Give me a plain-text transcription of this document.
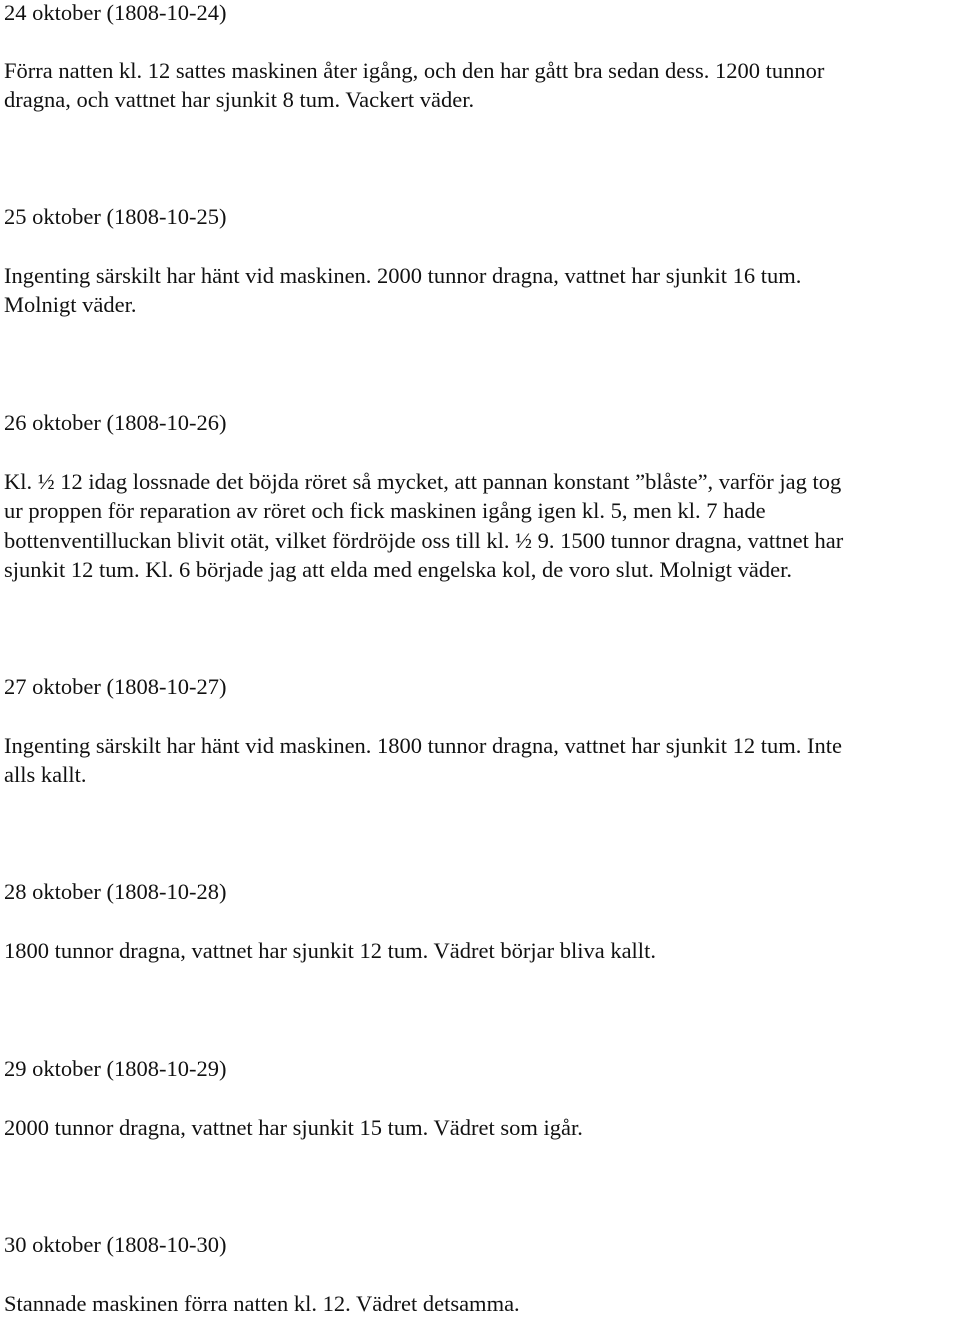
24 oktober (1808-10-24)

Förra natten kl. 12 sattes maskinen åter igång, och den har gått bra sedan dess. 1200 tunnor
dragna, och vattnet har sjunkit 8 tum. Vackert väder.

25 oktober (1808-10-25)

Ingenting särskilt har hänt vid maskinen. 2000 tunnor dragna, vattnet har sjunkit 16 tum.
Molnigt väder.

26 oktober (1808-10-26)

Kl. ½ 12 idag lossnade det böjda röret så mycket, att pannan konstant ”blåste”, varför jag tog
ur proppen för reparation av röret och fick maskinen igång igen kl. 5, men kl. 7 hade
bottenventilluckan blivit otät, vilket fördröjde oss till kl. ½ 9. 1500 tunnor dragna, vattnet har
sjunkit 12 tum. Kl. 6 började jag att elda med engelska kol, de voro slut. Molnigt väder.

27 oktober (1808-10-27)

Ingenting särskilt har hänt vid maskinen. 1800 tunnor dragna, vattnet har sjunkit 12 tum. Inte
alls kallt.

28 oktober (1808-10-28)

1800 tunnor dragna, vattnet har sjunkit 12 tum. Vädret börjar bliva kallt.

29 oktober (1808-10-29)

2000 tunnor dragna, vattnet har sjunkit 15 tum. Vädret som igår.

30 oktober (1808-10-30)

Stannade maskinen förra natten kl. 12. Vädret detsamma.
